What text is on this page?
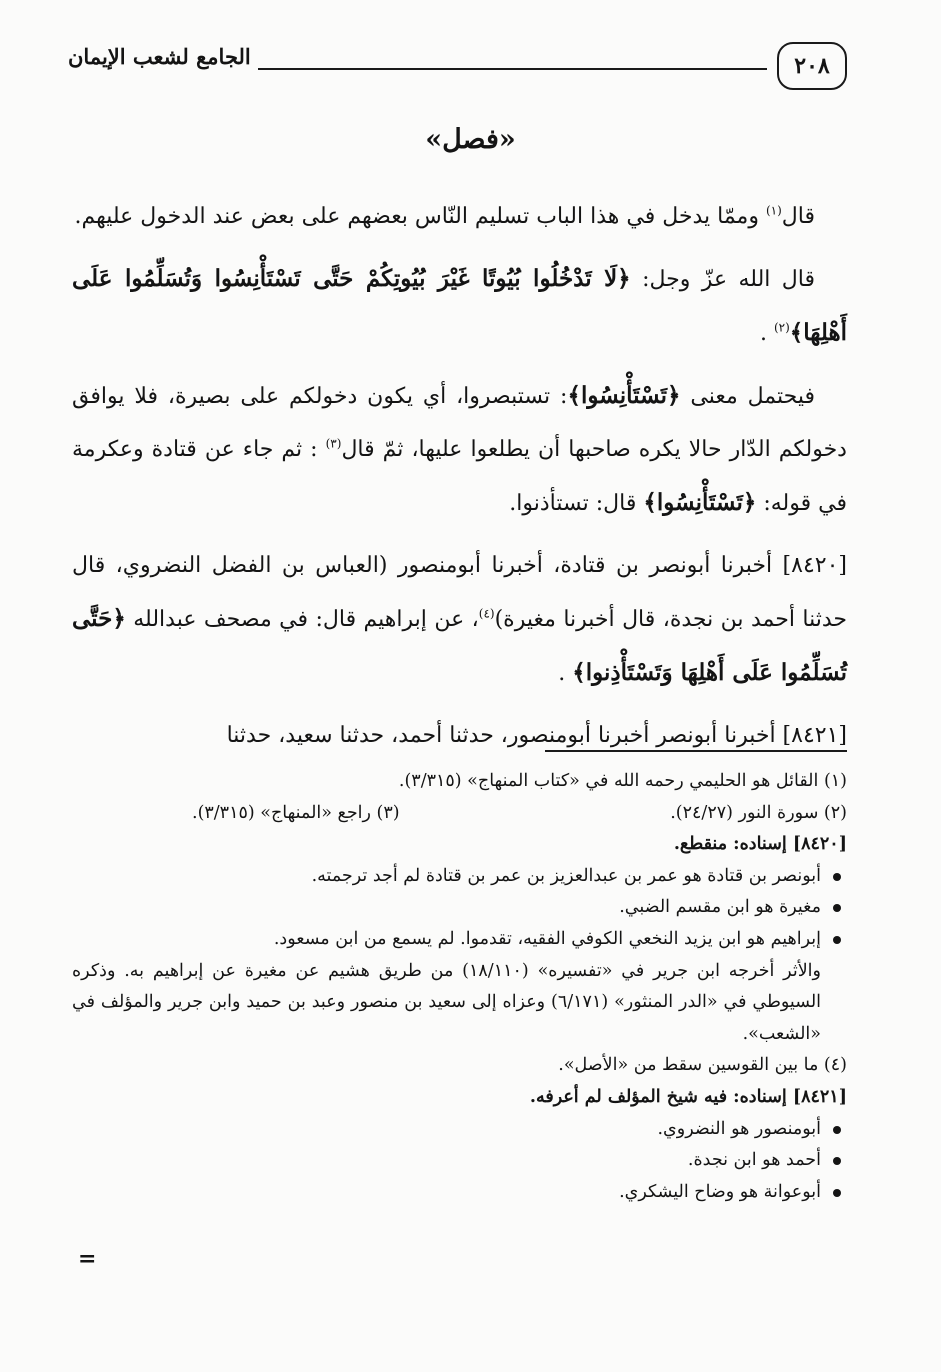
الجامع لشعب الإيمان	٢٠٨
«فصل»

قال$^{(١)}$ وممّا يدخل في هذا الباب تسليم النّاس بعضهم على بعض عند الدخول عليهم.

قال الله عزّ وجل: ﴿لَا تَدْخُلُوا بُيُوتًا غَيْرَ بُيُوتِكُمْ حَتَّى تَسْتَأْنِسُوا وَتُسَلِّمُوا عَلَى أَهْلِهَا﴾$^{(٢)}$ .

فيحتمل معنى ﴿تَسْتَأْنِسُوا﴾: تستبصروا، أي يكون دخولكم على بصيرة، فلا يوافق دخولكم الدّار حالا يكره صاحبها أن يطلعوا عليها، ثمّ قال$^{(٣)}$ : ثم جاء عن قتادة وعكرمة في قوله: ﴿تَسْتَأْنِسُوا﴾ قال: تستأذنوا.

[٨٤٢٠] أخبرنا أبونصر بن قتادة، أخبرنا أبومنصور (العباس بن الفضل النضروي، قال حدثنا أحمد بن نجدة، قال أخبرنا مغيرة)$^{(٤)}$، عن إبراهيم قال: في مصحف عبدالله ﴿حَتَّى تُسَلِّمُوا عَلَى أَهْلِهَا وَتَسْتَأْذِنوا﴾ .

[٨٤٢١] أخبرنا أبونصر أخبرنا أبومنصور، حدثنا أحمد، حدثنا سعيد، حدثنا

(١) القائل هو الحليمي رحمه الله في «كتاب المنهاج» (٣/٣١٥).
(٢) سورة النور (٢٤/٢٧).
(٣) راجع «المنهاج» (٣/٣١٥).
[٨٤٢٠] إسناده: منقطع.
أبونصر بن قتادة هو عمر بن عبدالعزيز بن عمر بن قتادة لم أجد ترجمته.
مغيرة هو ابن مقسم الضبي.
إبراهيم هو ابن يزيد النخعي الكوفي الفقيه، تقدموا. لم يسمع من ابن مسعود.
والأثر أخرجه ابن جرير في «تفسيره» (١٨/١١٠) من طريق هشيم عن مغيرة عن إبراهيم به. وذكره السيوطي في «الدر المنثور» (٦/١٧١) وعزاه إلى سعيد بن منصور وعبد بن حميد وابن جرير والمؤلف في «الشعب».
(٤) ما بين القوسين سقط من «الأصل».
[٨٤٢١] إسناده: فيه شيخ المؤلف لم أعرفه.
أبومنصور هو النضروي.
أحمد هو ابن نجدة.
أبوعوانة هو وضاح اليشكري.
=
